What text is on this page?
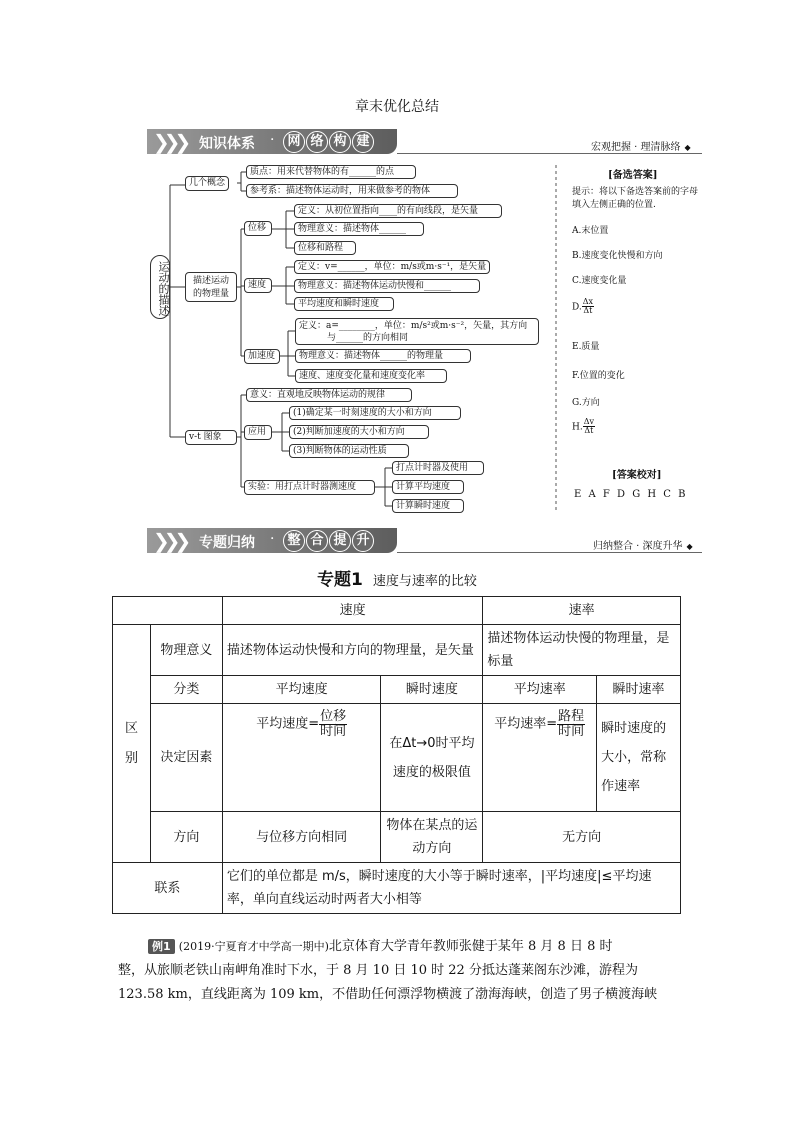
章末优化总结
❯❯❯ 知识体系 ·	网 络 构 建	宏观把握 · 理清脉络 ◆
运动的描述
几个概念
质点：用来代替物体的有______的点
参考系：描述物体运动时，用来做参考的物体
描述运动的物理量
位移
定义：从初位置指向____的有向线段，是矢量
物理意义：描述物体______
位移和路程
速度
定义：v=______，单位：m/s或m·s⁻¹，是矢量
物理意义：描述物体运动快慢和______
平均速度和瞬时速度
加速度
定义：a=________，单位：m/s²或m·s⁻²，矢量，其方向
与______的方向相同
物理意义：描述物体______的物理量
速度、速度变化量和速度变化率
v-t 图象
意义：直观地反映物体运动的规律
应用
(1)确定某一时刻速度的大小和方向
(2)判断加速度的大小和方向
(3)判断物体的运动性质
实验：用打点计时器测速度
打点计时器及使用
计算平均速度
计算瞬时速度
[备选答案]
提示：将以下备选答案前的字母填入左侧正确的位置.
A.末位置
B.速度变化快慢和方向
C.速度变化量
D. $\frac{\Delta x}{\Delta t}$
E.质量
F.位置的变化
G.方向
H. $\frac{\Delta v}{\Delta t}$
[答案校对]
E A F D G H C B
❯❯❯ 专题归纳 ·	整 合 提 升	归纳整合 · 深度升华 ◆
专题1 速度与速率的比较
		速度		速率	
区别	物理意义	描述物体运动快慢和方向的物理量，是矢量		描述物体运动快慢的物理量，是标量	
	分类	平均速度	瞬时速度	平均速率	瞬时速率
	决定因素	平均速度= $\frac{\text{位移}}{\text{时间}}$	在Δt→0时平均速度的极限值	平均速率= $\frac{\text{路程}}{\text{时间}}$	瞬时速度的大小，常称作速率
	方向	与位移方向相同	物体在某点的运动方向	无方向	
联系		它们的单位都是 m/s，瞬时速度的大小等于瞬时速率，|平均速度|≤平均速率，单向直线运动时两者大小相等			
例1 (2019·宁夏育才中学高一期中)北京体育大学青年教师张健于某年 8 月 8 日 8 时
整，从旅顺老铁山南岬角准时下水，于 8 月 10 日 10 时 22 分抵达蓬莱阁东沙滩，游程为
123.58 km，直线距离为 109 km，不借助任何漂浮物横渡了渤海海峡，创造了男子横渡海峡
